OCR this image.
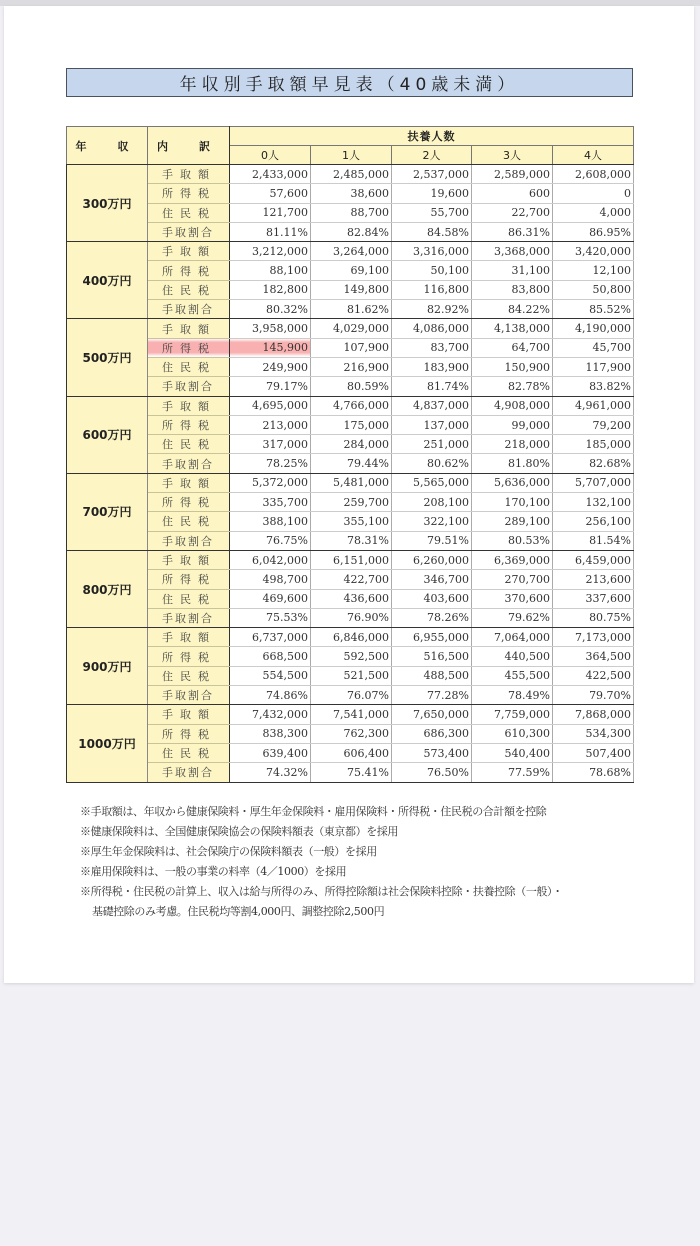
年収別手取額早見表（40歳未満）
年　収	内　訳	扶養人数				
		0人	1人	2人	3人	4人
300万円	手取額	2,433,000	2,485,000	2,537,000	2,589,000	2,608,000
	所得税	57,600	38,600	19,600	600	0
	住民税	121,700	88,700	55,700	22,700	4,000
	手取割合	81.11%	82.84%	84.58%	86.31%	86.95%
400万円	手取額	3,212,000	3,264,000	3,316,000	3,368,000	3,420,000
	所得税	88,100	69,100	50,100	31,100	12,100
	住民税	182,800	149,800	116,800	83,800	50,800
	手取割合	80.32%	81.62%	82.92%	84.22%	85.52%
500万円	手取額	3,958,000	4,029,000	4,086,000	4,138,000	4,190,000
	所得税	145,900	107,900	83,700	64,700	45,700
	住民税	249,900	216,900	183,900	150,900	117,900
	手取割合	79.17%	80.59%	81.74%	82.78%	83.82%
600万円	手取額	4,695,000	4,766,000	4,837,000	4,908,000	4,961,000
	所得税	213,000	175,000	137,000	99,000	79,200
	住民税	317,000	284,000	251,000	218,000	185,000
	手取割合	78.25%	79.44%	80.62%	81.80%	82.68%
700万円	手取額	5,372,000	5,481,000	5,565,000	5,636,000	5,707,000
	所得税	335,700	259,700	208,100	170,100	132,100
	住民税	388,100	355,100	322,100	289,100	256,100
	手取割合	76.75%	78.31%	79.51%	80.53%	81.54%
800万円	手取額	6,042,000	6,151,000	6,260,000	6,369,000	6,459,000
	所得税	498,700	422,700	346,700	270,700	213,600
	住民税	469,600	436,600	403,600	370,600	337,600
	手取割合	75.53%	76.90%	78.26%	79.62%	80.75%
900万円	手取額	6,737,000	6,846,000	6,955,000	7,064,000	7,173,000
	所得税	668,500	592,500	516,500	440,500	364,500
	住民税	554,500	521,500	488,500	455,500	422,500
	手取割合	74.86%	76.07%	77.28%	78.49%	79.70%
1000万円	手取額	7,432,000	7,541,000	7,650,000	7,759,000	7,868,000
	所得税	838,300	762,300	686,300	610,300	534,300
	住民税	639,400	606,400	573,400	540,400	507,400
	手取割合	74.32%	75.41%	76.50%	77.59%	78.68%
※手取額は、年収から健康保険料・厚生年金保険料・雇用保険料・所得税・住民税の合計額を控除
※健康保険料は、全国健康保険協会の保険料額表（東京都）を採用
※厚生年金保険料は、社会保険庁の保険料額表（一般）を採用
※雇用保険料は、一般の事業の料率（4／1000）を採用
※所得税・住民税の計算上、収入は給与所得のみ、所得控除額は社会保険料控除・扶養控除（一般）・
基礎控除のみ考慮。住民税均等割4,000円、調整控除2,500円
